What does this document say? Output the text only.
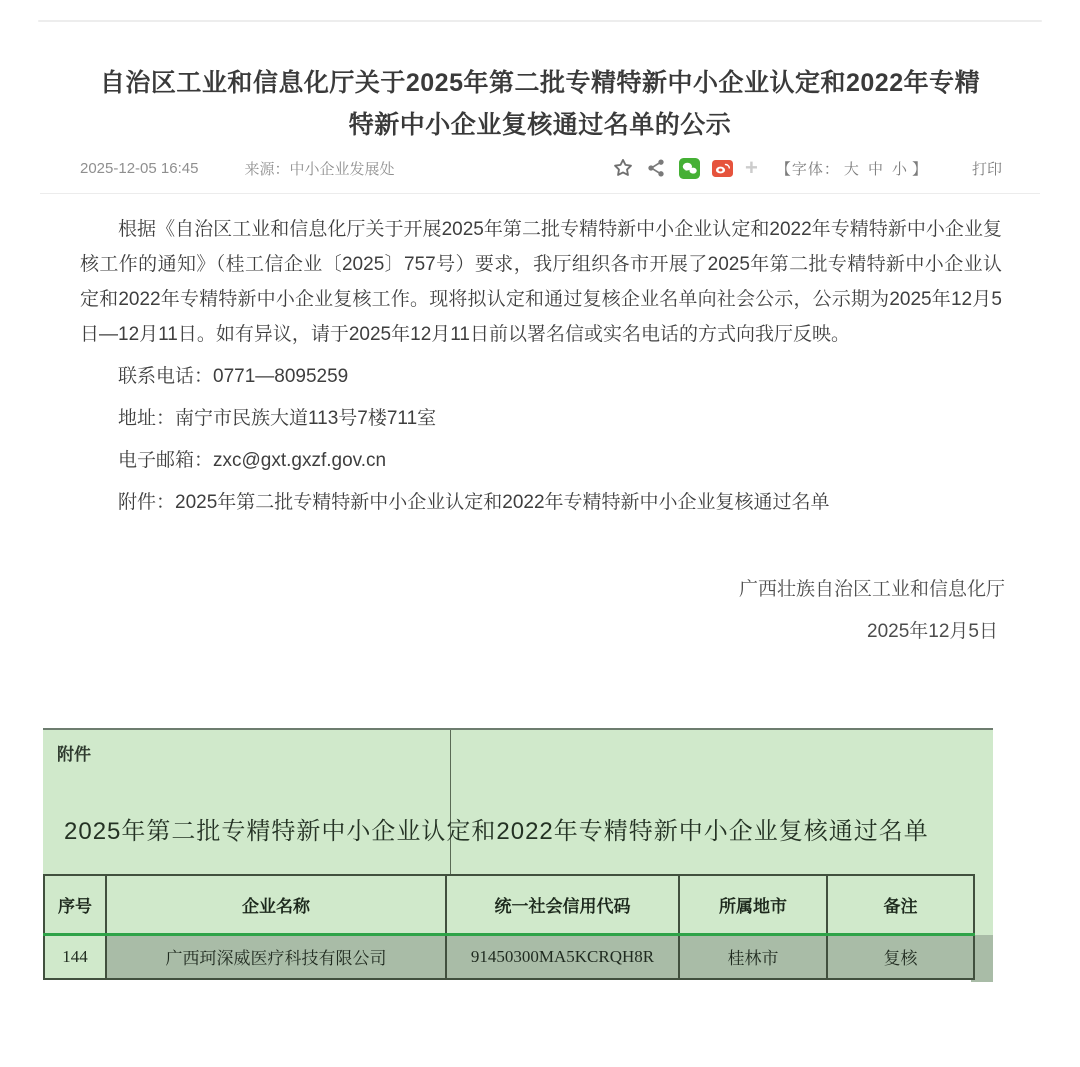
自治区工业和信息化厅关于2025年第二批专精特新中小企业认定和2022年专精特新中小企业复核通过名单的公示
2025-12-05 16:45	来源：中小企业发展处	+ 【字体： 大 中 小 】	打印

根据《自治区工业和信息化厅关于开展2025年第二批专精特新中小企业认定和2022年专精特新中小企业复核工作的通知》（桂工信企业〔2025〕757号）要求，我厅组织各市开展了2025年第二批专精特新中小企业认定和2022年专精特新中小企业复核工作。现将拟认定和通过复核企业名单向社会公示，公示期为2025年12月5日—12月11日。如有异议，请于2025年12月11日前以署名信或实名电话的方式向我厅反映。

联系电话：0771—8095259

地址：南宁市民族大道113号7楼711室

电子邮箱：zxc@gxt.gxzf.gov.cn

附件：2025年第二批专精特新中小企业认定和2022年专精特新中小企业复核通过名单

广西壮族自治区工业和信息化厅
2025年12月5日
附件
2025年第二批专精特新中小企业认定和2022年专精特新中小企业复核通过名单
序号	企业名称	统一社会信用代码	所属地市	备注
144	广西珂深威医疗科技有限公司	91450300MA5KCRQH8R	桂林市	复核
